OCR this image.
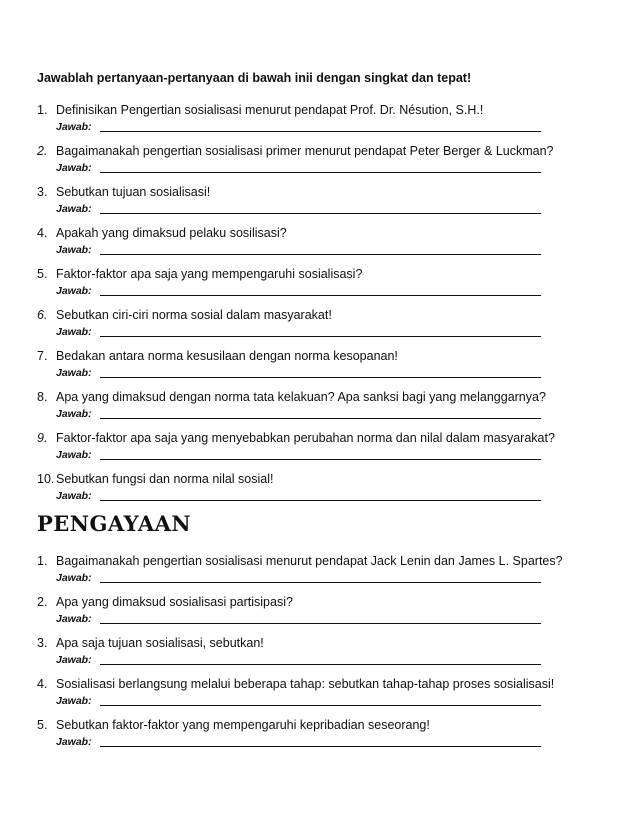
Jawablah pertanyaan-pertanyaan di bawah inii dengan singkat dan tepat!
1. Definisikan Pengertian sosialisasi menurut pendapat Prof. Dr. Nésution, S.H.!
Jawab:
2. Bagaimanakah pengertian sosialisasi primer menurut pendapat Peter Berger & Luckman?
Jawab:
3. Sebutkan tujuan sosialisasi!
Jawab:
4. Apakah yang dimaksud pelaku sosilisasi?
Jawab:
5. Faktor-faktor apa saja yang mempengaruhi sosialisasi?
Jawab:
6. Sebutkan ciri-ciri norma sosial dalam masyarakat!
Jawab:
7. Bedakan antara norma kesusilaan dengan norma kesopanan!
Jawab:
8. Apa yang dimaksud dengan norma tata kelakuan? Apa sanksi bagi yang melanggarnya?
Jawab:
9. Faktor-faktor apa saja yang menyebabkan perubahan norma dan nilal dalam masyarakat?
Jawab:
10. Sebutkan fungsi dan norma nilal sosial!
Jawab:
PENGAYAAN
1. Bagaimanakah pengertian sosialisasi menurut pendapat Jack Lenin dan James L. Spartes?
Jawab:
2. Apa yang dimaksud sosialisasi partisipasi?
Jawab:
3. Apa saja tujuan sosialisasi, sebutkan!
Jawab:
4. Sosialisasi berlangsung melalui beberapa tahap: sebutkan tahap-tahap proses sosialisasi!
Jawab:
5. Sebutkan faktor-faktor yang mempengaruhi kepribadian seseorang!
Jawab:
